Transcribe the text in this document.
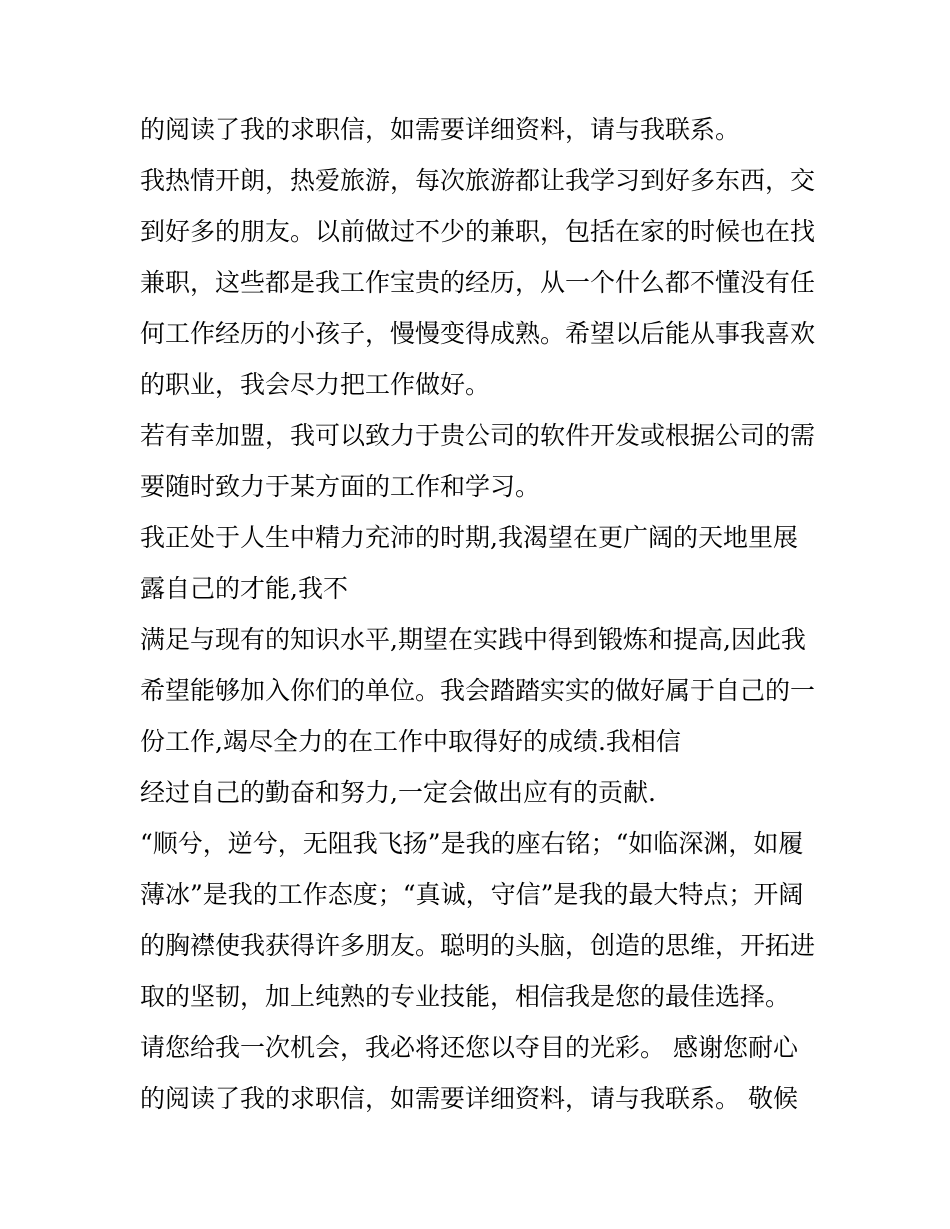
的阅读了我的求职信，如需要详细资料，请与我联系。
我热情开朗，热爱旅游，每次旅游都让我学习到好多东西，交
到好多的朋友。以前做过不少的兼职，包括在家的时候也在找
兼职，这些都是我工作宝贵的经历，从一个什么都不懂没有任
何工作经历的小孩子，慢慢变得成熟。希望以后能从事我喜欢
的职业，我会尽力把工作做好。
若有幸加盟，我可以致力于贵公司的软件开发或根据公司的需
要随时致力于某方面的工作和学习。
我正处于人生中精力充沛的时期,我渴望在更广阔的天地里展
露自己的才能,我不
满足与现有的知识水平,期望在实践中得到锻炼和提高,因此我
希望能够加入你们的单位。我会踏踏实实的做好属于自己的一
份工作,竭尽全力的在工作中取得好的成绩.我相信
经过自己的勤奋和努力,一定会做出应有的贡献.
“顺兮，逆兮，无阻我飞扬”是我的座右铭；“如临深渊，如履
薄冰”是我的工作态度；“真诚，守信”是我的最大特点；开阔
的胸襟使我获得许多朋友。聪明的头脑，创造的思维，开拓进
取的坚韧，加上纯熟的专业技能，相信我是您的最佳选择。
请您给我一次机会，我必将还您以夺目的光彩。 感谢您耐心
的阅读了我的求职信，如需要详细资料，请与我联系。 敬候
